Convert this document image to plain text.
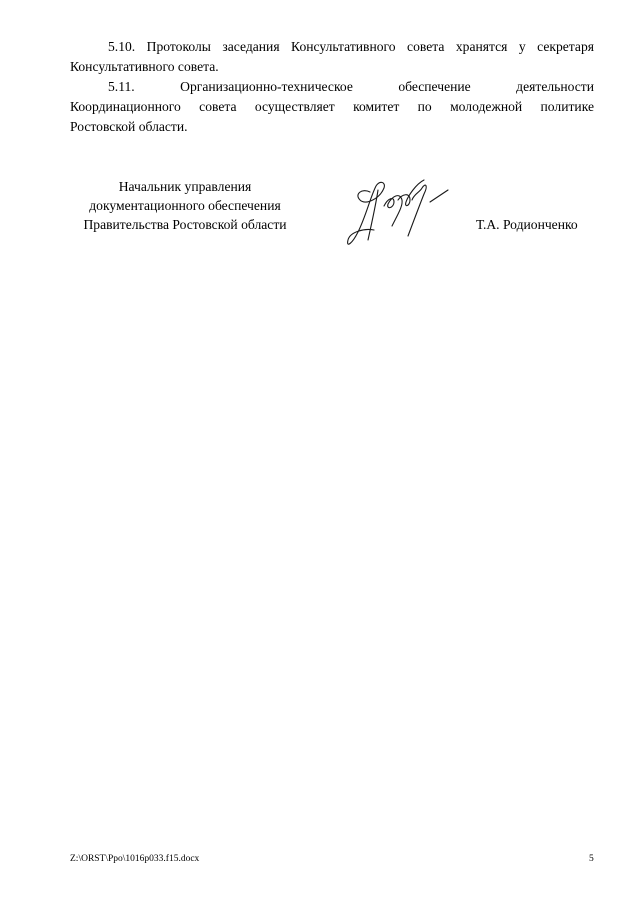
5.10. Протоколы заседания Консультативного совета хранятся у секретаря
Консультативного совета.
5.11. Организационно-техническое обеспечение деятельности
Координационного совета осуществляет комитет по молодежной политике
Ростовской области.
Начальник управления
документационного обеспечения
Правительства Ростовской области	Т.А. Родионченко
Z:\ORST\Ppo\1016p033.f15.docx	5
